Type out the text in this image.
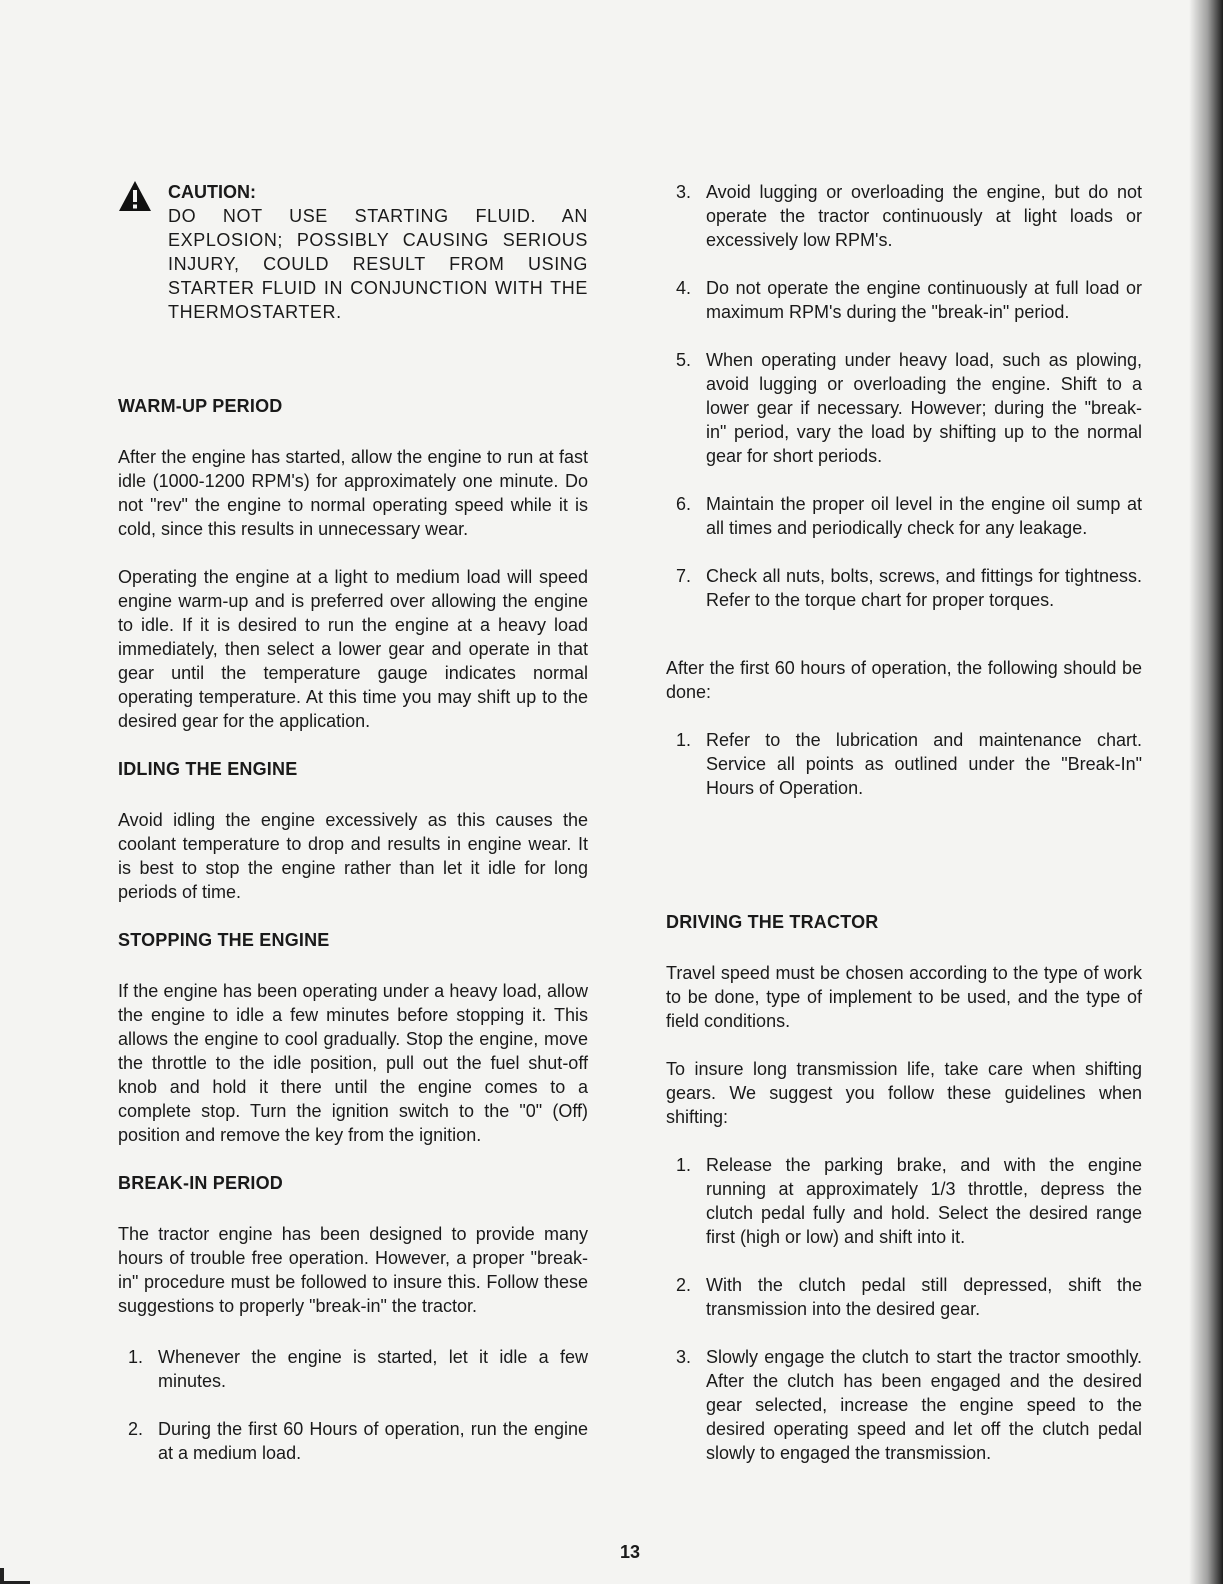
CAUTION:

DO NOT USE STARTING FLUID. AN EXPLOSION; POSSIBLY CAUSING SERIOUS INJURY, COULD RESULT FROM USING STARTER FLUID IN CONJUNCTION WITH THE THERMOSTARTER.

WARM-UP PERIOD

After the engine has started, allow the engine to run at fast idle (1000-1200 RPM's) for approximately one minute. Do not "rev" the engine to normal operating speed while it is cold, since this results in unnecessary wear.

Operating the engine at a light to medium load will speed engine warm-up and is preferred over allowing the engine to idle. If it is desired to run the engine at a heavy load immediately, then select a lower gear and operate in that gear until the temperature gauge indicates normal operating temperature. At this time you may shift up to the desired gear for the application.

IDLING THE ENGINE

Avoid idling the engine excessively as this causes the coolant temperature to drop and results in engine wear. It is best to stop the engine rather than let it idle for long periods of time.

STOPPING THE ENGINE

If the engine has been operating under a heavy load, allow the engine to idle a few minutes before stopping it. This allows the engine to cool gradually. Stop the engine, move the throttle to the idle position, pull out the fuel shut-off knob and hold it there until the engine comes to a complete stop. Turn the ignition switch to the "0" (Off) position and remove the key from the ignition.

BREAK-IN PERIOD

The tractor engine has been designed to provide many hours of trouble free operation. However, a proper "break-in" procedure must be followed to insure this. Follow these suggestions to properly "break-in" the tractor.

1. Whenever the engine is started, let it idle a few minutes.
2. During the first 60 Hours of operation, run the engine at a medium load.
3. Avoid lugging or overloading the engine, but do not operate the tractor continuously at light loads or excessively low RPM's.
4. Do not operate the engine continuously at full load or maximum RPM's during the "break-in" period.
5. When operating under heavy load, such as plowing, avoid lugging or overloading the engine. Shift to a lower gear if necessary. However; during the "break-in" period, vary the load by shifting up to the normal gear for short periods.
6. Maintain the proper oil level in the engine oil sump at all times and periodically check for any leakage.
7. Check all nuts, bolts, screws, and fittings for tightness. Refer to the torque chart for proper torques.

After the first 60 hours of operation, the following should be done:

1. Refer to the lubrication and maintenance chart. Service all points as outlined under the "Break-In" Hours of Operation.
DRIVING THE TRACTOR

Travel speed must be chosen according to the type of work to be done, type of implement to be used, and the type of field conditions.

To insure long transmission life, take care when shifting gears. We suggest you follow these guidelines when shifting:

1. Release the parking brake, and with the engine running at approximately 1/3 throttle, depress the clutch pedal fully and hold. Select the desired range first (high or low) and shift into it.
2. With the clutch pedal still depressed, shift the transmission into the desired gear.
3. Slowly engage the clutch to start the tractor smoothly. After the clutch has been engaged and the desired gear selected, increase the engine speed to the desired operating speed and let off the clutch pedal slowly to engaged the transmission.
13
